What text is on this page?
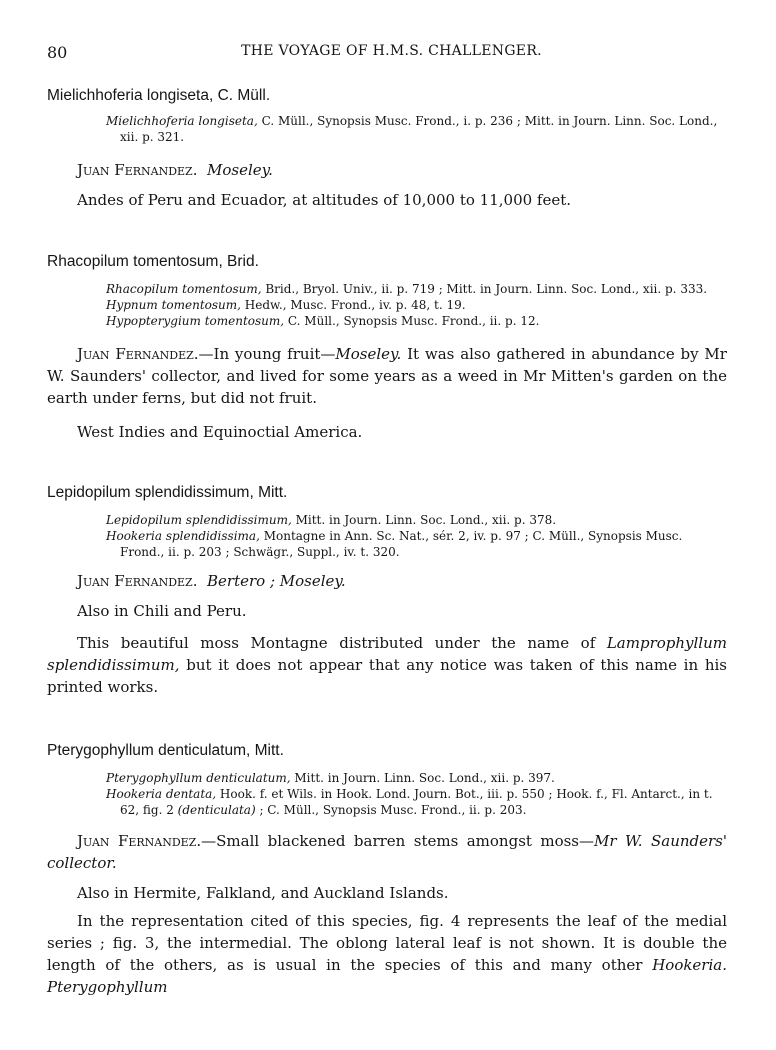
80	THE VOYAGE OF H.M.S. CHALLENGER.
Mielichhoferia longiseta, C. Müll.
Mielichhoferia longiseta, C. Müll., Synopsis Musc. Frond., i. p. 236 ; Mitt. in Journ. Linn. Soc. Lond., xii. p. 321.
Juan Fernandez. Moseley.
Andes of Peru and Ecuador, at altitudes of 10,000 to 11,000 feet.
Rhacopilum tomentosum, Brid.
Rhacopilum tomentosum, Brid., Bryol. Univ., ii. p. 719 ; Mitt. in Journ. Linn. Soc. Lond., xii. p. 333.
Hypnum tomentosum, Hedw., Musc. Frond., iv. p. 48, t. 19.
Hypopterygium tomentosum, C. Müll., Synopsis Musc. Frond., ii. p. 12.
Juan Fernandez.—In young fruit—Moseley. It was also gathered in abundance by Mr W. Saunders' collector, and lived for some years as a weed in Mr Mitten's garden on the earth under ferns, but did not fruit.
West Indies and Equinoctial America.
Lepidopilum splendidissimum, Mitt.
Lepidopilum splendidissimum, Mitt. in Journ. Linn. Soc. Lond., xii. p. 378.
Hookeria splendidissima, Montagne in Ann. Sc. Nat., sér. 2, iv. p. 97 ; C. Müll., Synopsis Musc. Frond., ii. p. 203 ; Schwägr., Suppl., iv. t. 320.
Juan Fernandez. Bertero ; Moseley.
Also in Chili and Peru.
This beautiful moss Montagne distributed under the name of Lamprophyllum splendidissimum, but it does not appear that any notice was taken of this name in his printed works.
Pterygophyllum denticulatum, Mitt.
Pterygophyllum denticulatum, Mitt. in Journ. Linn. Soc. Lond., xii. p. 397.
Hookeria dentata, Hook. f. et Wils. in Hook. Lond. Journ. Bot., iii. p. 550 ; Hook. f., Fl. Antarct., in t. 62, fig. 2 (denticulata) ; C. Müll., Synopsis Musc. Frond., ii. p. 203.
Juan Fernandez.—Small blackened barren stems amongst moss—Mr W. Saunders' collector.
Also in Hermite, Falkland, and Auckland Islands.
In the representation cited of this species, fig. 4 represents the leaf of the medial series ; fig. 3, the intermedial. The oblong lateral leaf is not shown. It is double the length of the others, as is usual in the species of this and many other Hookeria. Pterygophyllum
